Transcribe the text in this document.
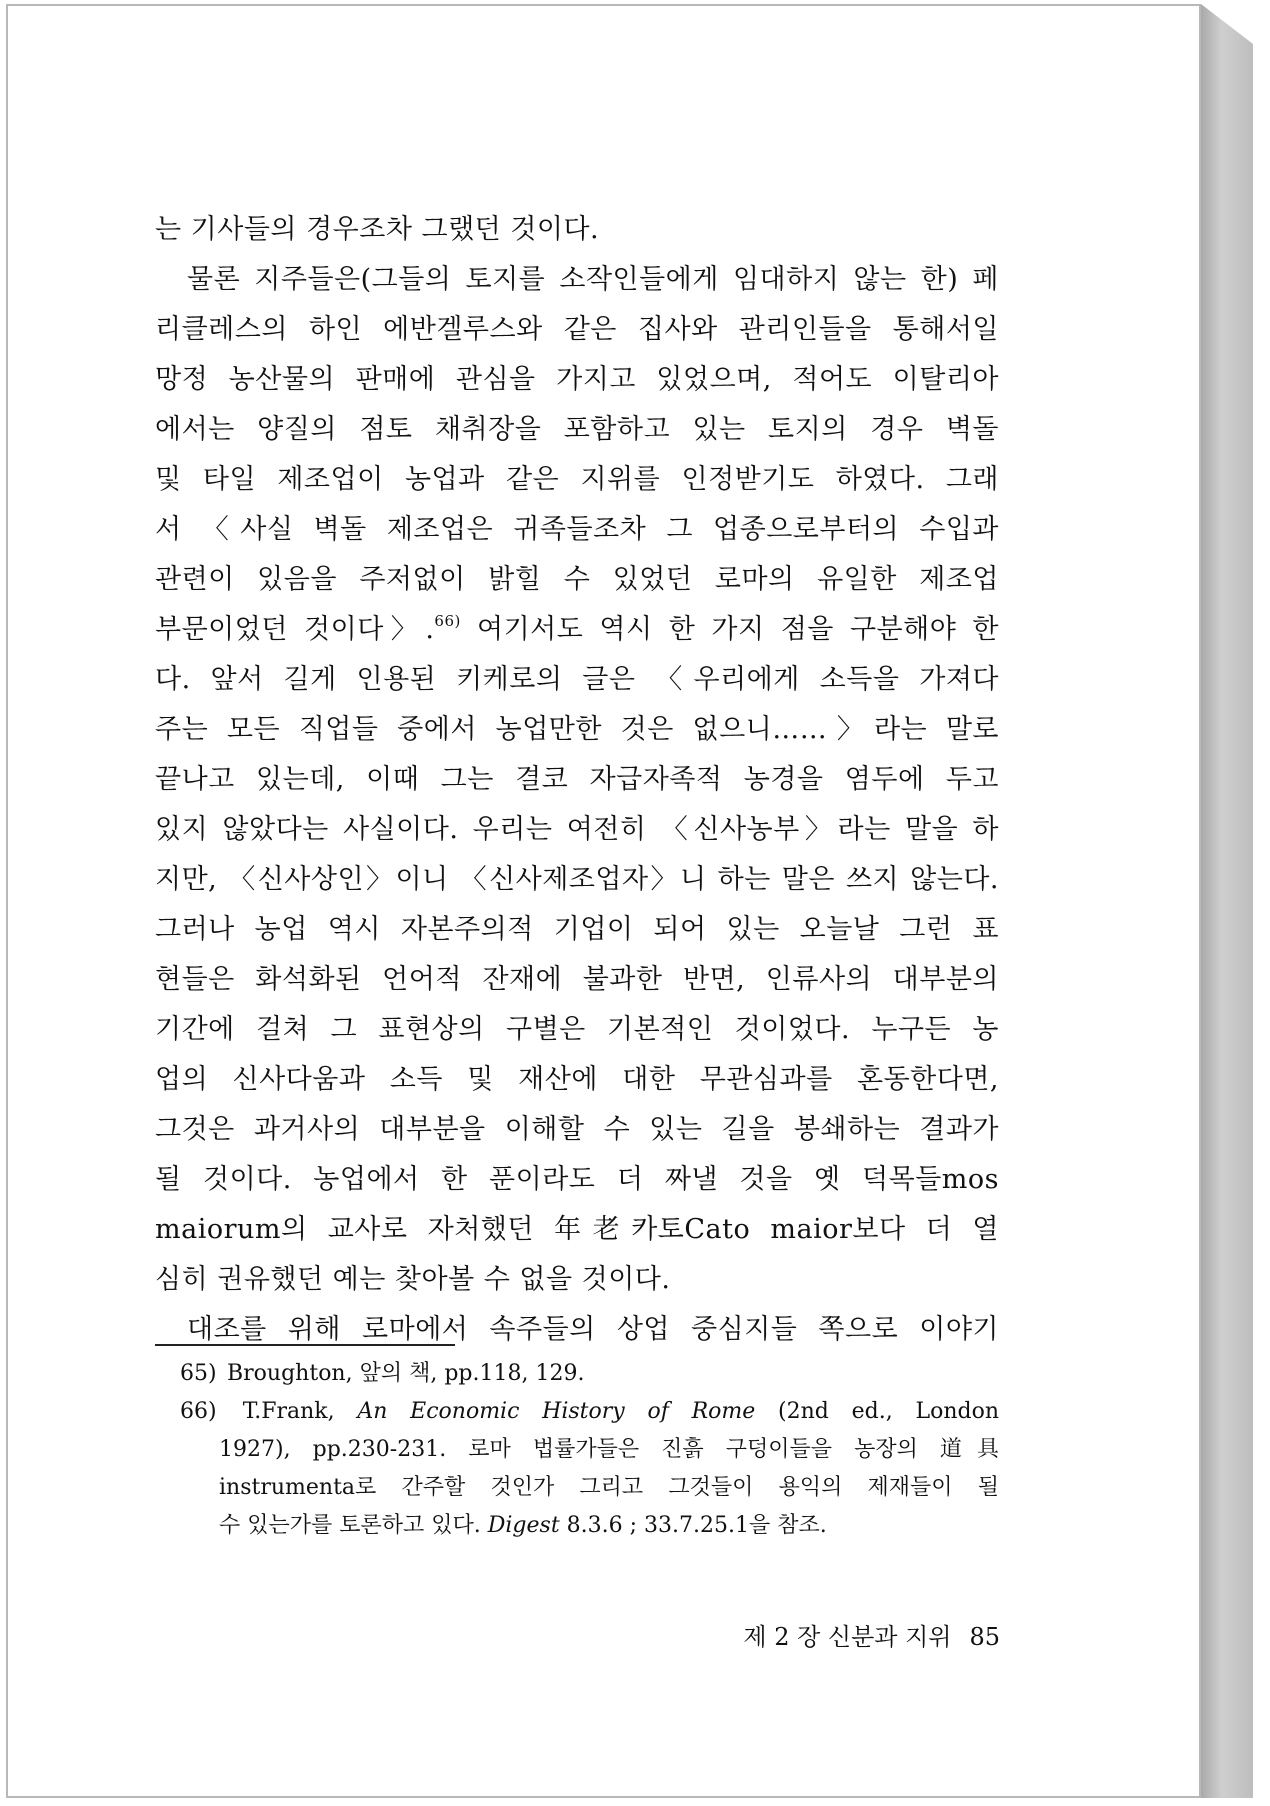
는 기사들의 경우조차 그랬던 것이다.
물론 지주들은(그들의 토지를 소작인들에게 임대하지 않는 한) 페
리클레스의 하인 에반겔루스와 같은 집사와 관리인들을 통해서일
망정 농산물의 판매에 관심을 가지고 있었으며, 적어도 이탈리아
에서는 양질의 점토 채취장을 포함하고 있는 토지의 경우 벽돌
및 타일 제조업이 농업과 같은 지위를 인정받기도 하였다. 그래
서 〈사실 벽돌 제조업은 귀족들조차 그 업종으로부터의 수입과
관련이 있음을 주저없이 밝힐 수 있었던 로마의 유일한 제조업
부문이었던 것이다〉.$^{66)}$ 여기서도 역시 한 가지 점을 구분해야 한
다. 앞서 길게 인용된 키케로의 글은 〈우리에게 소득을 가져다
주는 모든 직업들 중에서 농업만한 것은 없으니……〉라는 말로
끝나고 있는데, 이때 그는 결코 자급자족적 농경을 염두에 두고
있지 않았다는 사실이다. 우리는 여전히 〈신사농부〉라는 말을 하
지만, 〈신사상인〉이니 〈신사제조업자〉니 하는 말은 쓰지 않는다.
그러나 농업 역시 자본주의적 기업이 되어 있는 오늘날 그런 표
현들은 화석화된 언어적 잔재에 불과한 반면, 인류사의 대부분의
기간에 걸쳐 그 표현상의 구별은 기본적인 것이었다. 누구든 농
업의 신사다움과 소득 및 재산에 대한 무관심과를 혼동한다면,
그것은 과거사의 대부분을 이해할 수 있는 길을 봉쇄하는 결과가
될 것이다. 농업에서 한 푼이라도 더 짜낼 것을 옛 덕목들mos
maiorum의 교사로 자처했던 年老카토Cato maior보다 더 열
심히 권유했던 예는 찾아볼 수 없을 것이다.
대조를 위해 로마에서 속주들의 상업 중심지들 쪽으로 이야기
65) Broughton, 앞의 책, pp.118, 129.
66) T.Frank, An Economic History of Rome (2nd ed., London
1927), pp.230-231. 로마 법률가들은 진흙 구덩이들을 농장의 道具
instrumenta로 간주할 것인가 그리고 그것들이 용익의 제재들이 될
수 있는가를 토론하고 있다. Digest 8.3.6 ; 33.7.25.1을 참조.
제 2 장 신분과 지위 85
